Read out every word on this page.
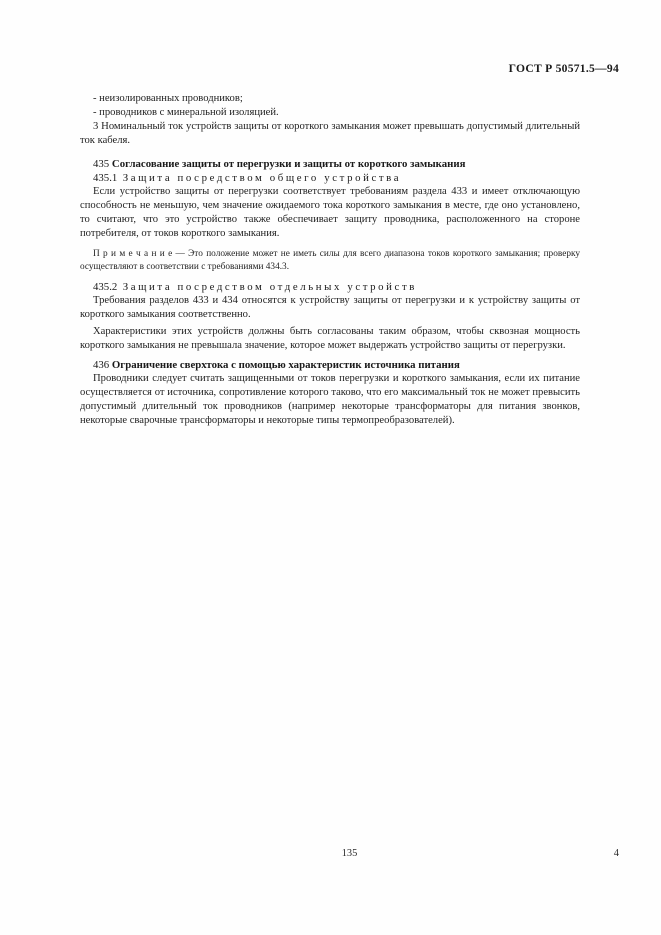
ГОСТ Р 50571.5—94

- неизолированных проводников;

- проводников с минеральной изоляцией.

3 Номинальный ток устройств защиты от короткого замыкания может превышать допустимый длительный ток кабеля.

435 Согласование защиты от перегрузки и защиты от короткого замыкания

435.1 Защита посредством общего устройства

Если устройство защиты от перегрузки соответствует требованиям раздела 433 и имеет отключающую способность не меньшую, чем значение ожидаемого тока короткого замыкания в месте, где оно установлено, то считают, что это устройство также обеспечивает защиту проводника, расположенного на стороне потребителя, от токов короткого замыкания.

П р и м е ч а н и е — Это положение может не иметь силы для всего диапазона токов короткого замыкания; проверку осуществляют в соответствии с требованиями 434.3.

435.2 Защита посредством отдельных устройств

Требования разделов 433 и 434 относятся к устройству защиты от перегрузки и к устройству защиты от короткого замыкания соответственно.

Характеристики этих устройств должны быть согласованы таким образом, чтобы сквозная мощность короткого замыкания не превышала значение, которое может выдержать устройство защиты от перегрузки.

436 Ограничение сверхтока с помощью характеристик источника питания

Проводники следует считать защищенными от токов перегрузки и короткого замыкания, если их питание осуществляется от источника, сопротивление которого таково, что его максимальный ток не может превысить допустимый длительный ток проводников (например некоторые трансформаторы для питания звонков, некоторые сварочные трансформаторы и некоторые типы термопреобразователей).

135	4
